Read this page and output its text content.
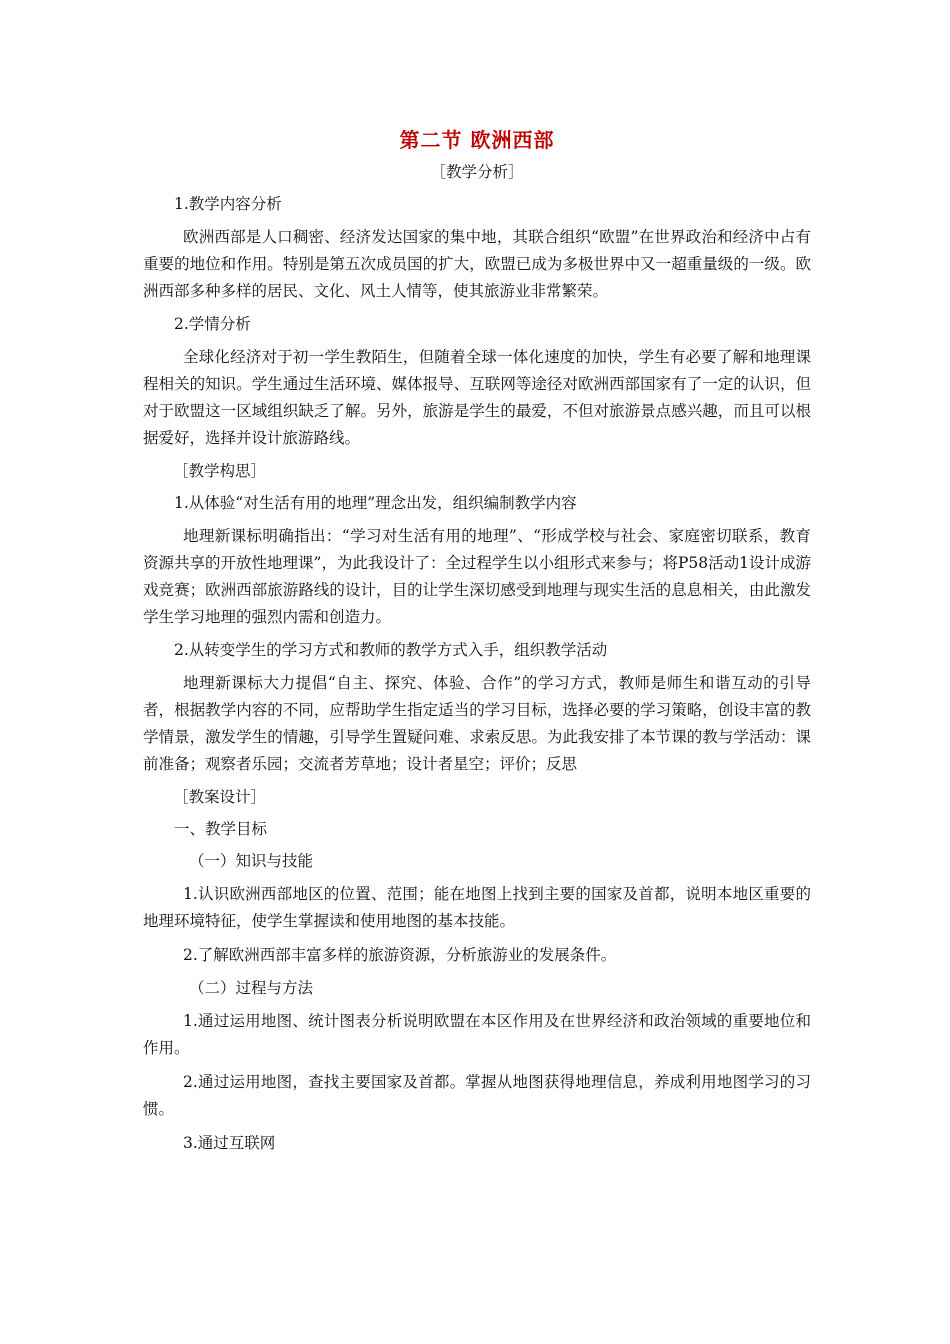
第二节 欧洲西部
［教学分析］
1.教学内容分析
欧洲西部是人口稠密、经济发达国家的集中地，其联合组织“欧盟”在世界政治和经济中占有重要的地位和作用。特别是第五次成员国的扩大，欧盟已成为多极世界中又一超重量级的一级。欧洲西部多种多样的居民、文化、风土人情等，使其旅游业非常繁荣。
2.学情分析
全球化经济对于初一学生教陌生，但随着全球一体化速度的加快，学生有必要了解和地理课程相关的知识。学生通过生活环境、媒体报导、互联网等途径对欧洲西部国家有了一定的认识，但对于欧盟这一区域组织缺乏了解。另外，旅游是学生的最爱，不但对旅游景点感兴趣，而且可以根据爱好，选择并设计旅游路线。
［教学构思］
1.从体验“对生活有用的地理”理念出发，组织编制教学内容
地理新课标明确指出：“学习对生活有用的地理”、“形成学校与社会、家庭密切联系，教育资源共享的开放性地理课”，为此我设计了：全过程学生以小组形式来参与；将P58活动1设计成游戏竞赛；欧洲西部旅游路线的设计，目的让学生深切感受到地理与现实生活的息息相关，由此激发学生学习地理的强烈内需和创造力。
2.从转变学生的学习方式和教师的教学方式入手，组织教学活动
地理新课标大力提倡“自主、探究、体验、合作”的学习方式，教师是师生和谐互动的引导者，根据教学内容的不同，应帮助学生指定适当的学习目标，选择必要的学习策略，创设丰富的教学情景，激发学生的情趣，引导学生置疑问难、求索反思。为此我安排了本节课的教与学活动：课前准备；观察者乐园；交流者芳草地；设计者星空；评价；反思
［教案设计］
一、教学目标
（一）知识与技能
1.认识欧洲西部地区的位置、范围；能在地图上找到主要的国家及首都，说明本地区重要的地理环境特征，使学生掌握读和使用地图的基本技能。
2.了解欧洲西部丰富多样的旅游资源，分析旅游业的发展条件。
（二）过程与方法
1.通过运用地图、统计图表分析说明欧盟在本区作用及在世界经济和政治领域的重要地位和作用。
2.通过运用地图，查找主要国家及首都。掌握从地图获得地理信息，养成利用地图学习的习惯。
3.通过互联网
